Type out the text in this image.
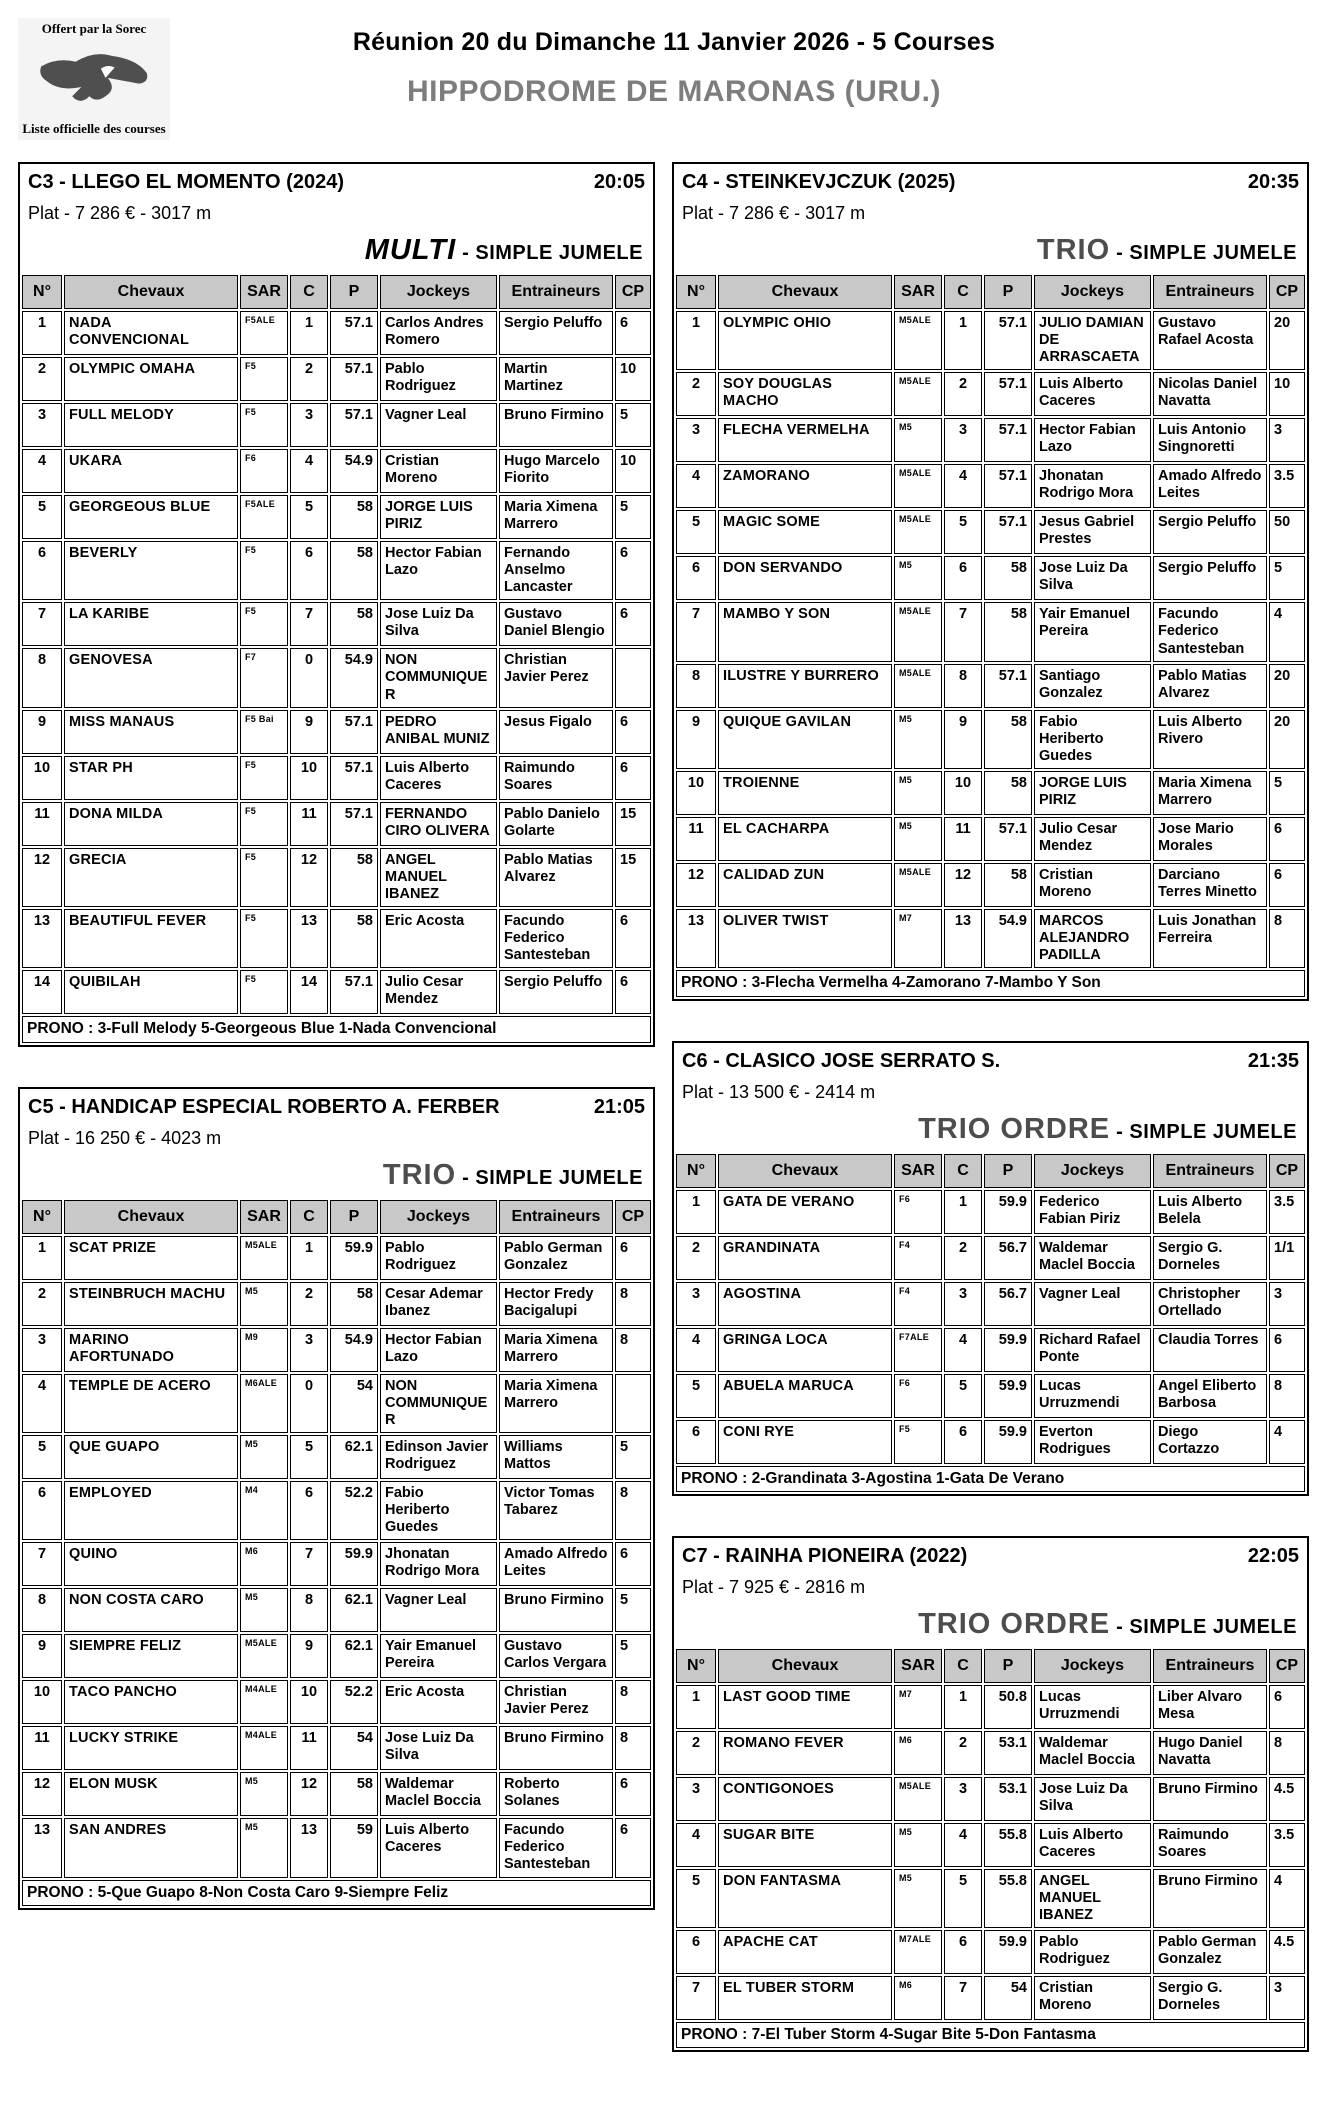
Offert par la Sorec
Liste officielle des courses

Réunion 20 du Dimanche 11 Janvier 2026 - 5 Courses

HIPPODROME DE MARONAS (URU.)

C3 - LLEGO EL MOMENTO (2024)	20:05
Plat - 7 286 € - 3017 m
MULTI - SIMPLE JUMELE
N°	Chevaux	SAR	C	P	Jockeys	Entraineurs	CP
1	NADA CONVENCIONAL	F5ALE	1	57.1	Carlos Andres Romero	Sergio Peluffo	6
2	OLYMPIC OMAHA	F5	2	57.1	Pablo Rodriguez	Martin Martinez	10
3	FULL MELODY	F5	3	57.1	Vagner Leal	Bruno Firmino	5
4	UKARA	F6	4	54.9	Cristian Moreno	Hugo Marcelo Fiorito	10
5	GEORGEOUS BLUE	F5ALE	5	58	JORGE LUIS PIRIZ	Maria Ximena Marrero	5
6	BEVERLY	F5	6	58	Hector Fabian Lazo	Fernando Anselmo Lancaster	6
7	LA KARIBE	F5	7	58	Jose Luiz Da Silva	Gustavo Daniel Blengio	6
8	GENOVESA	F7	0	54.9	NON COMMUNIQUER	Christian Javier Perez	
9	MISS MANAUS	F5 Bai	9	57.1	PEDRO ANIBAL MUNIZ	Jesus Figalo	6
10	STAR PH	F5	10	57.1	Luis Alberto Caceres	Raimundo Soares	6
11	DONA MILDA	F5	11	57.1	FERNANDO CIRO OLIVERA	Pablo Danielo Golarte	15
12	GRECIA	F5	12	58	ANGEL MANUEL IBANEZ	Pablo Matias Alvarez	15
13	BEAUTIFUL FEVER	F5	13	58	Eric Acosta	Facundo Federico Santesteban	6
14	QUIBILAH	F5	14	57.1	Julio Cesar Mendez	Sergio Peluffo	6
PRONO : 3-Full Melody 5-Georgeous Blue 1-Nada Convencional							
C5 - HANDICAP ESPECIAL ROBERTO A. FERBER	21:05
Plat - 16 250 € - 4023 m
TRIO - SIMPLE JUMELE
N°	Chevaux	SAR	C	P	Jockeys	Entraineurs	CP
1	SCAT PRIZE	M5ALE	1	59.9	Pablo Rodriguez	Pablo German Gonzalez	6
2	STEINBRUCH MACHU	M5	2	58	Cesar Ademar Ibanez	Hector Fredy Bacigalupi	8
3	MARINO AFORTUNADO	M9	3	54.9	Hector Fabian Lazo	Maria Ximena Marrero	8
4	TEMPLE DE ACERO	M6ALE	0	54	NON COMMUNIQUER	Maria Ximena Marrero	
5	QUE GUAPO	M5	5	62.1	Edinson Javier Rodriguez	Williams Mattos	5
6	EMPLOYED	M4	6	52.2	Fabio Heriberto Guedes	Victor Tomas Tabarez	8
7	QUINO	M6	7	59.9	Jhonatan Rodrigo Mora	Amado Alfredo Leites	6
8	NON COSTA CARO	M5	8	62.1	Vagner Leal	Bruno Firmino	5
9	SIEMPRE FELIZ	M5ALE	9	62.1	Yair Emanuel Pereira	Gustavo Carlos Vergara	5
10	TACO PANCHO	M4ALE	10	52.2	Eric Acosta	Christian Javier Perez	8
11	LUCKY STRIKE	M4ALE	11	54	Jose Luiz Da Silva	Bruno Firmino	8
12	ELON MUSK	M5	12	58	Waldemar Maclel Boccia	Roberto Solanes	6
13	SAN ANDRES	M5	13	59	Luis Alberto Caceres	Facundo Federico Santesteban	6
PRONO : 5-Que Guapo 8-Non Costa Caro 9-Siempre Feliz							
C4 - STEINKEVJCZUK (2025)	20:35
Plat - 7 286 € - 3017 m
TRIO - SIMPLE JUMELE
N°	Chevaux	SAR	C	P	Jockeys	Entraineurs	CP
1	OLYMPIC OHIO	M5ALE	1	57.1	JULIO DAMIAN DE ARRASCAETA	Gustavo Rafael Acosta	20
2	SOY DOUGLAS MACHO	M5ALE	2	57.1	Luis Alberto Caceres	Nicolas Daniel Navatta	10
3	FLECHA VERMELHA	M5	3	57.1	Hector Fabian Lazo	Luis Antonio Singnoretti	3
4	ZAMORANO	M5ALE	4	57.1	Jhonatan Rodrigo Mora	Amado Alfredo Leites	3.5
5	MAGIC SOME	M5ALE	5	57.1	Jesus Gabriel Prestes	Sergio Peluffo	50
6	DON SERVANDO	M5	6	58	Jose Luiz Da Silva	Sergio Peluffo	5
7	MAMBO Y SON	M5ALE	7	58	Yair Emanuel Pereira	Facundo Federico Santesteban	4
8	ILUSTRE Y BURRERO	M5ALE	8	57.1	Santiago Gonzalez	Pablo Matias Alvarez	20
9	QUIQUE GAVILAN	M5	9	58	Fabio Heriberto Guedes	Luis Alberto Rivero	20
10	TROIENNE	M5	10	58	JORGE LUIS PIRIZ	Maria Ximena Marrero	5
11	EL CACHARPA	M5	11	57.1	Julio Cesar Mendez	Jose Mario Morales	6
12	CALIDAD ZUN	M5ALE	12	58	Cristian Moreno	Darciano Terres Minetto	6
13	OLIVER TWIST	M7	13	54.9	MARCOS ALEJANDRO PADILLA	Luis Jonathan Ferreira	8
PRONO : 3-Flecha Vermelha 4-Zamorano 7-Mambo Y Son							
C6 - CLASICO JOSE SERRATO S.	21:35
Plat - 13 500 € - 2414 m
TRIO ORDRE - SIMPLE JUMELE
N°	Chevaux	SAR	C	P	Jockeys	Entraineurs	CP
1	GATA DE VERANO	F6	1	59.9	Federico Fabian Piriz	Luis Alberto Belela	3.5
2	GRANDINATA	F4	2	56.7	Waldemar Maclel Boccia	Sergio G. Dorneles	1/1
3	AGOSTINA	F4	3	56.7	Vagner Leal	Christopher Ortellado	3
4	GRINGA LOCA	F7ALE	4	59.9	Richard Rafael Ponte	Claudia Torres	6
5	ABUELA MARUCA	F6	5	59.9	Lucas Urruzmendi	Angel Eliberto Barbosa	8
6	CONI RYE	F5	6	59.9	Everton Rodrigues	Diego Cortazzo	4
PRONO : 2-Grandinata 3-Agostina 1-Gata De Verano							
C7 - RAINHA PIONEIRA (2022)	22:05
Plat - 7 925 € - 2816 m
TRIO ORDRE - SIMPLE JUMELE
N°	Chevaux	SAR	C	P	Jockeys	Entraineurs	CP
1	LAST GOOD TIME	M7	1	50.8	Lucas Urruzmendi	Liber Alvaro Mesa	6
2	ROMANO FEVER	M6	2	53.1	Waldemar Maclel Boccia	Hugo Daniel Navatta	8
3	CONTIGONOES	M5ALE	3	53.1	Jose Luiz Da Silva	Bruno Firmino	4.5
4	SUGAR BITE	M5	4	55.8	Luis Alberto Caceres	Raimundo Soares	3.5
5	DON FANTASMA	M5	5	55.8	ANGEL MANUEL IBANEZ	Bruno Firmino	4
6	APACHE CAT	M7ALE	6	59.9	Pablo Rodriguez	Pablo German Gonzalez	4.5
7	EL TUBER STORM	M6	7	54	Cristian Moreno	Sergio G. Dorneles	3
PRONO : 7-El Tuber Storm 4-Sugar Bite 5-Don Fantasma							
